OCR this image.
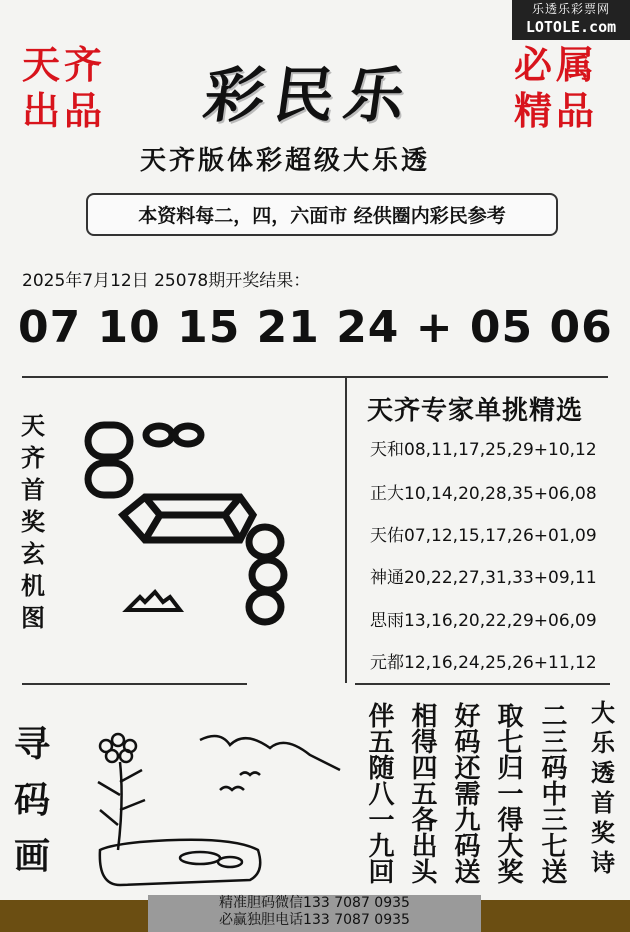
乐透乐彩票网
LOTOLE.com
天齐
出品
必属
精品
彩民乐
天齐版体彩超级大乐透
本资料每二，四，六面市 经供圈内彩民参考
2025年7月12日 25078期开奖结果：
07 10 15 21 24 + 05 06
天
齐
首
奖
玄
机
图
天齐专家单挑精选
天和08,11,17,25,29+10,12
正大10,14,20,28,35+06,08
天佑07,12,15,17,26+01,09
神通20,22,27,31,33+09,11
思雨13,16,20,22,29+06,09
元都12,16,24,25,26+11,12
寻
码
画
大
乐
透
首
奖
诗
二三码中三七送
取七归一得大奖
好码还需九码送
相得四五各出头
伴五随八一九回
精准胆码微信133 7087 0935
必赢独胆电话133 7087 0935
